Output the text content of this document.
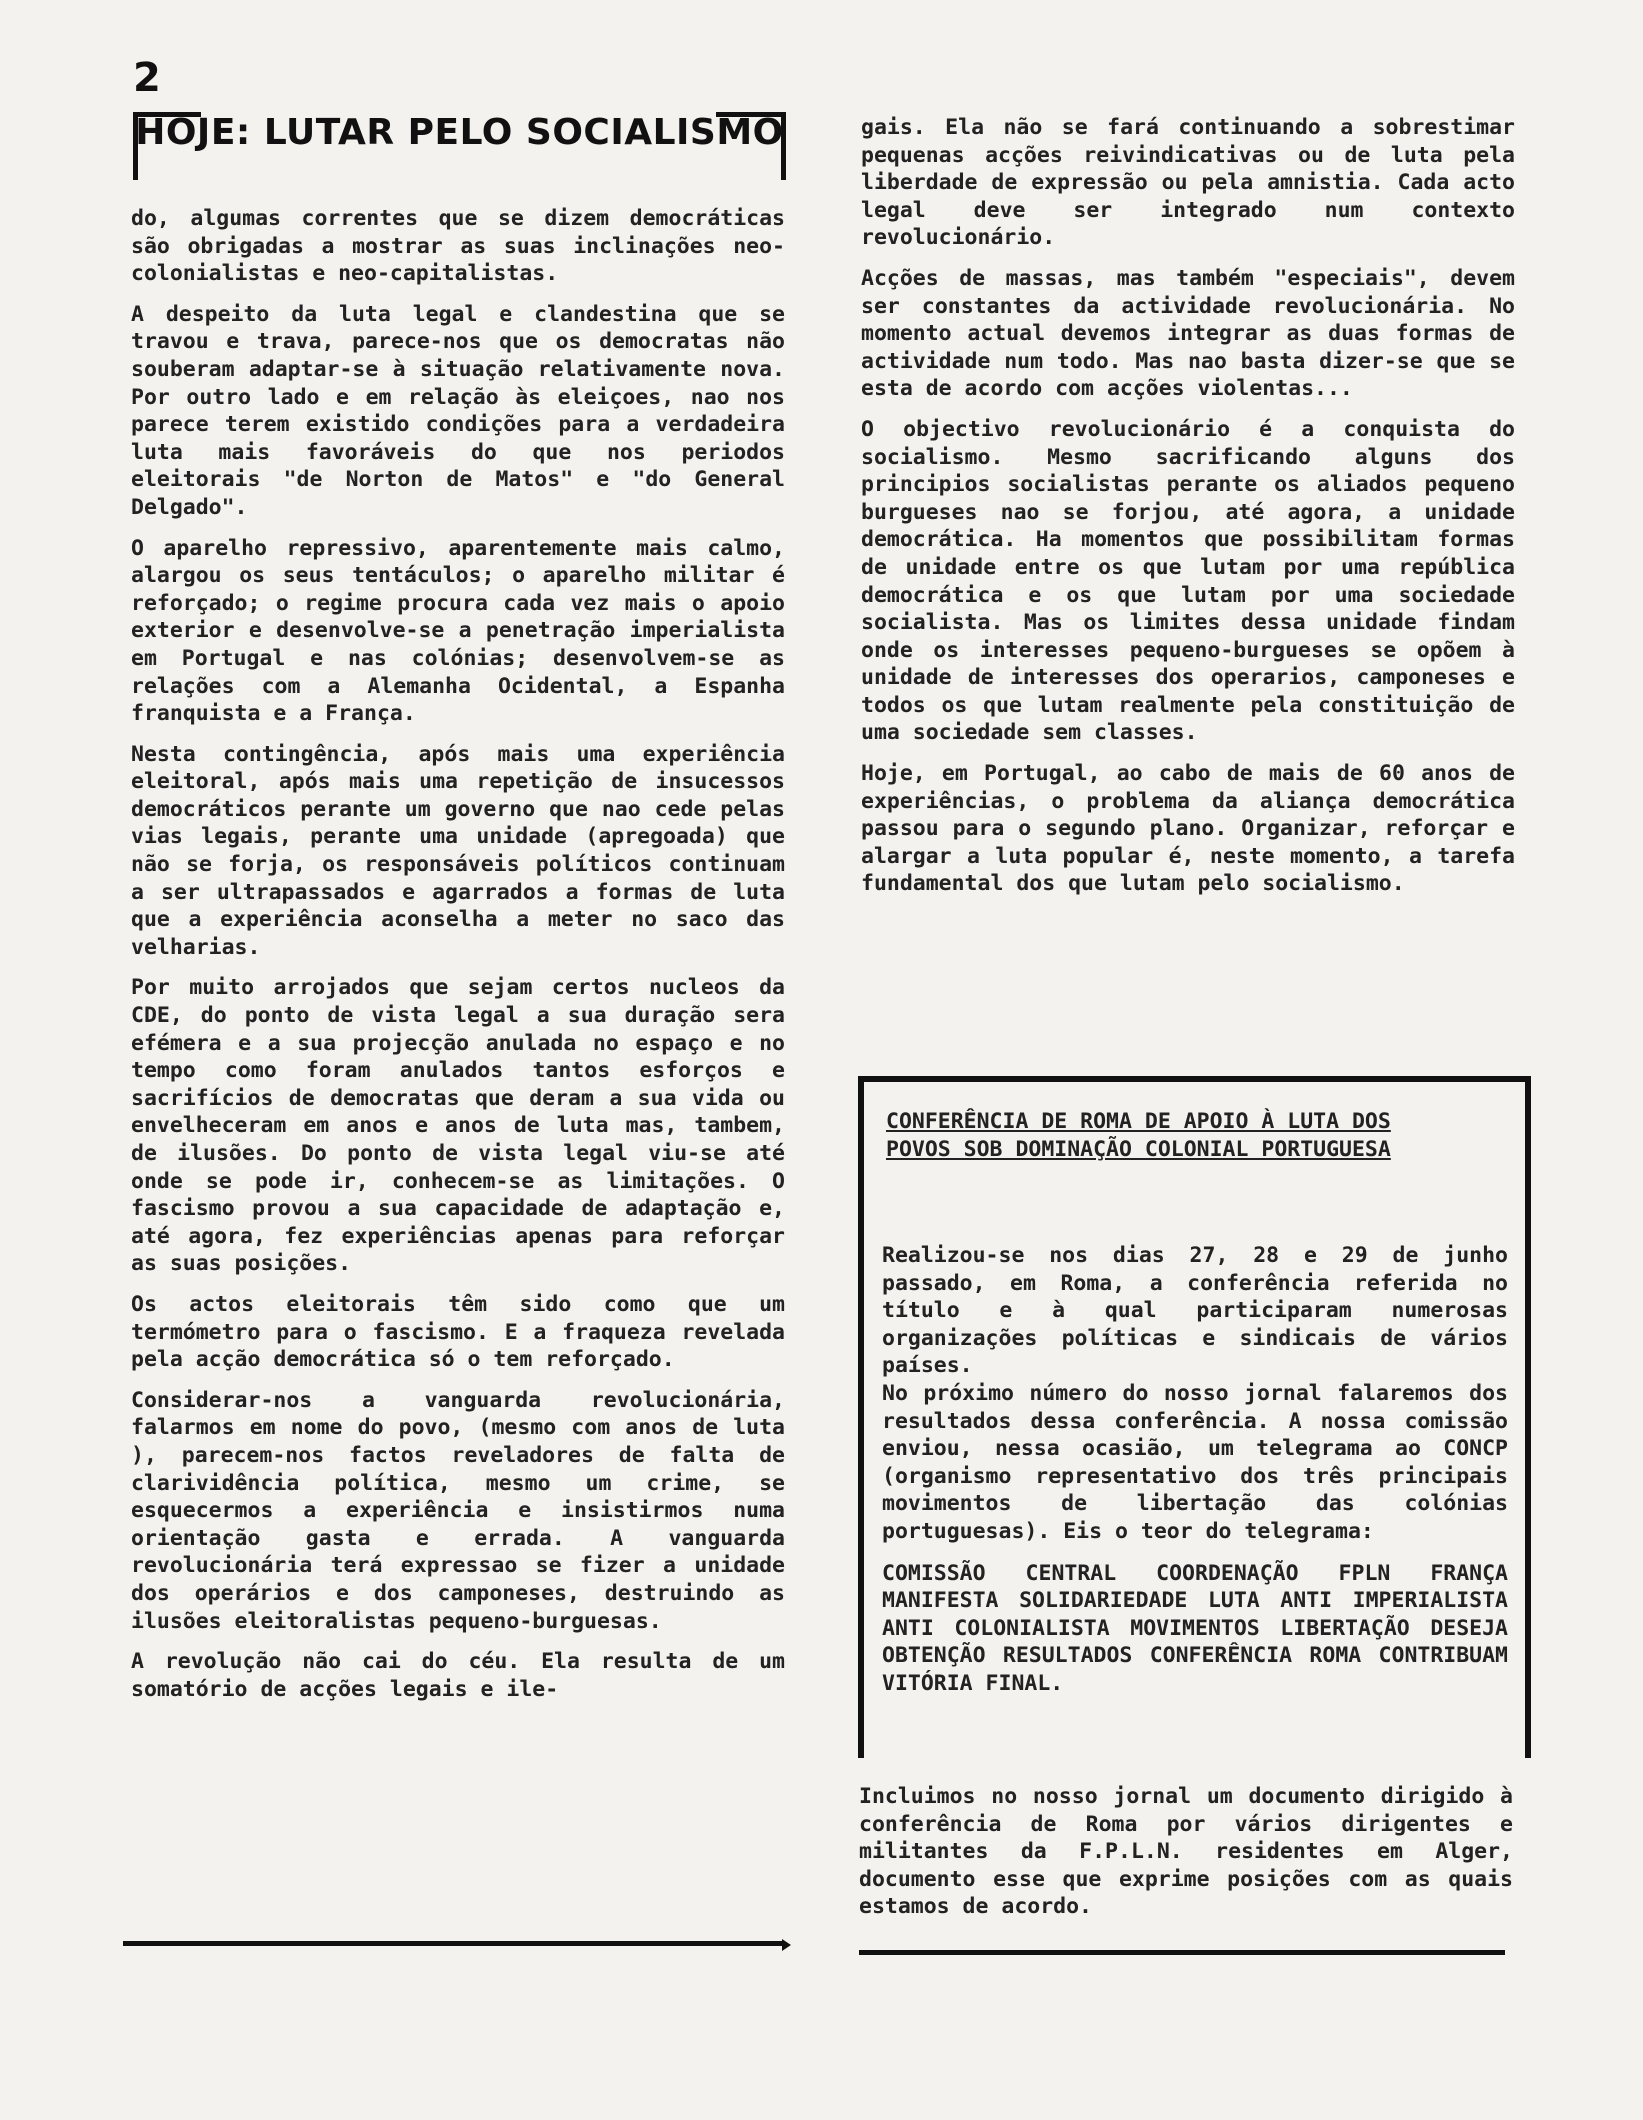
2
HOJE: LUTAR PELO SOCIALISMO

do, algumas correntes que se dizem democráticas são obrigadas a mostrar as suas inclinações neo-colonialistas e neo-capitalistas.

A despeito da luta legal e clandestina que se travou e trava, parece-nos que os democratas não souberam adaptar-se à situação relativamente nova. Por outro lado e em relação às eleiçoes, nao nos parece terem existido condições para a verdadeira luta mais favoráveis do que nos periodos eleitorais "de Norton de Matos" e "do General Delgado".

O aparelho repressivo, aparentemente mais calmo, alargou os seus tentáculos; o aparelho militar é reforçado; o regime procura cada vez mais o apoio exterior e desenvolve-se a penetração imperialista em Portugal e nas colónias; desenvolvem-se as relações com a Alemanha Ocidental, a Espanha franquista e a França.

Nesta contingência, após mais uma experiência eleitoral, após mais uma repetição de insucessos democráticos perante um governo que nao cede pelas vias legais, perante uma unidade (apregoada) que não se forja, os responsáveis políticos continuam a ser ultrapassados e agarrados a formas de luta que a experiência aconselha a meter no saco das velharias.

Por muito arrojados que sejam certos nucleos da CDE, do ponto de vista legal a sua duração sera efémera e a sua projecção anulada no espaço e no tempo como foram anulados tantos esforços e sacrifícios de democratas que deram a sua vida ou envelheceram em anos e anos de luta mas, tambem, de ilusões. Do ponto de vista legal viu-se até onde se pode ir, conhecem-se as limitações. O fascismo provou a sua capacidade de adaptação e, até agora, fez experiências apenas para reforçar as suas posições.

Os actos eleitorais têm sido como que um termómetro para o fascismo. E a fraqueza revelada pela acção democrática só o tem reforçado.

Considerar-nos a vanguarda revolucionária, falarmos em nome do povo, (mesmo com anos de luta ), parecem-nos factos reveladores de falta de clarividência política, mesmo um crime, se esquecermos a experiência e insistirmos numa orientação gasta e errada. A vanguarda revolucionária terá expressao se fizer a unidade dos operários e dos camponeses, destruindo as ilusões eleitoralistas pequeno-burguesas.

A revolução não cai do céu. Ela resulta de um somatório de acções legais e ile-

gais. Ela não se fará continuando a sobrestimar pequenas acções reivindicativas ou de luta pela liberdade de expressão ou pela amnistia. Cada acto legal deve ser integrado num contexto revolucionário.

Acções de massas, mas também "especiais", devem ser constantes da actividade revolucionária. No momento actual devemos integrar as duas formas de actividade num todo. Mas nao basta dizer-se que se esta de acordo com acções violentas...

O objectivo revolucionário é a conquista do socialismo. Mesmo sacrificando alguns dos principios socialistas perante os aliados pequeno burgueses nao se forjou, até agora, a unidade democrática. Ha momentos que possibilitam formas de unidade entre os que lutam por uma república democrática e os que lutam por uma sociedade socialista. Mas os limites dessa unidade findam onde os interesses pequeno-burgueses se opõem à unidade de interesses dos operarios, camponeses e todos os que lutam realmente pela constituição de uma sociedade sem classes.

Hoje, em Portugal, ao cabo de mais de 60 anos de experiências, o problema da aliança democrática passou para o segundo plano. Organizar, reforçar e alargar a luta popular é, neste momento, a tarefa fundamental dos que lutam pelo socialismo.

CONFERÊNCIA DE ROMA DE APOIO À LUTA DOS
POVOS SOB DOMINAÇÃO COLONIAL PORTUGUESA

Realizou-se nos dias 27, 28 e 29 de junho passado, em Roma, a conferência referida no título e à qual participaram numerosas organizações políticas e sindicais de vários países.

No próximo número do nosso jornal falaremos dos resultados dessa conferência. A nossa comissão enviou, nessa ocasião, um telegrama ao CONCP (organismo representativo dos três principais movimentos de libertação das colónias portuguesas). Eis o teor do telegrama:

COMISSÃO CENTRAL COORDENAÇÃO FPLN FRANÇA MANIFESTA SOLIDARIEDADE LUTA ANTI IMPERIALISTA ANTI COLONIALISTA MOVIMENTOS LIBERTAÇÃO DESEJA OBTENÇÃO RESULTADOS CONFERÊNCIA ROMA CONTRIBUAM VITÓRIA FINAL.

Incluimos no nosso jornal um documento dirigido à conferência de Roma por vários dirigentes e militantes da F.P.L.N. residentes em Alger, documento esse que exprime posições com as quais estamos de acordo.
